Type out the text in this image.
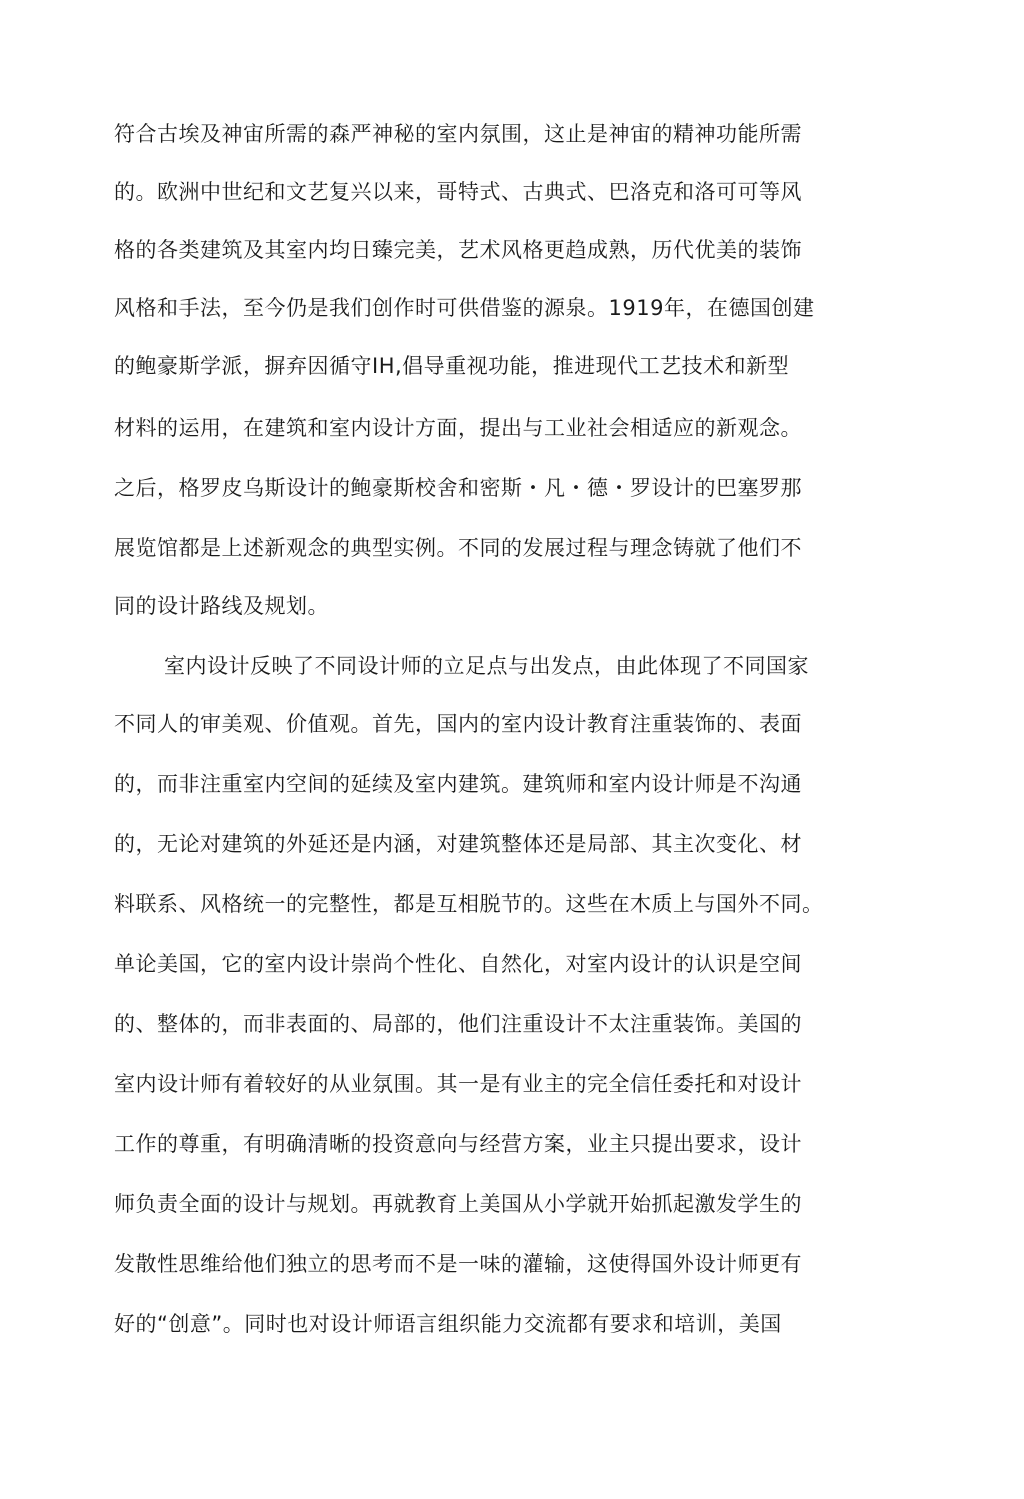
符合古埃及神宙所需的森严神秘的室内氛围，这止是神宙的精神功能所需
的。欧洲中世纪和文艺复兴以来，哥特式、古典式、巴洛克和洛可可等风
格的各类建筑及其室内均日臻完美，艺术风格更趋成熟，历代优美的装饰
风格和手法，至今仍是我们创作时可供借鉴的源泉。1919年，在德国创建
的鲍豪斯学派，摒弃因循守IH,倡导重视功能，推进现代工艺技术和新型
材料的运用，在建筑和室内设计方面，提出与工业社会相适应的新观念。
之后，格罗皮乌斯设计的鲍豪斯校舍和密斯・凡・德・罗设计的巴塞罗那
展览馆都是上述新观念的典型实例。不同的发展过程与理念铸就了他们不
同的设计路线及规划。
室内设计反映了不同设计师的立足点与出发点，由此体现了不同国家
不同人的审美观、价值观。首先，国内的室内设计教育注重装饰的、表面
的，而非注重室内空间的延续及室内建筑。建筑师和室内设计师是不沟通
的，无论对建筑的外延还是内涵，对建筑整体还是局部、其主次变化、材
料联系、风格统一的完整性，都是互相脱节的。这些在木质上与国外不同。
单论美国，它的室内设计崇尚个性化、自然化，对室内设计的认识是空间
的、整体的，而非表面的、局部的，他们注重设计不太注重装饰。美国的
室内设计师有着较好的从业氛围。其一是有业主的完全信任委托和对设计
工作的尊重，有明确清晰的投资意向与经营方案，业主只提出要求，设计
师负责全面的设计与规划。再就教育上美国从小学就开始抓起激发学生的
发散性思维给他们独立的思考而不是一味的灌输，这使得国外设计师更有
好的“创意”。同时也对设计师语言组织能力交流都有要求和培训，美国
